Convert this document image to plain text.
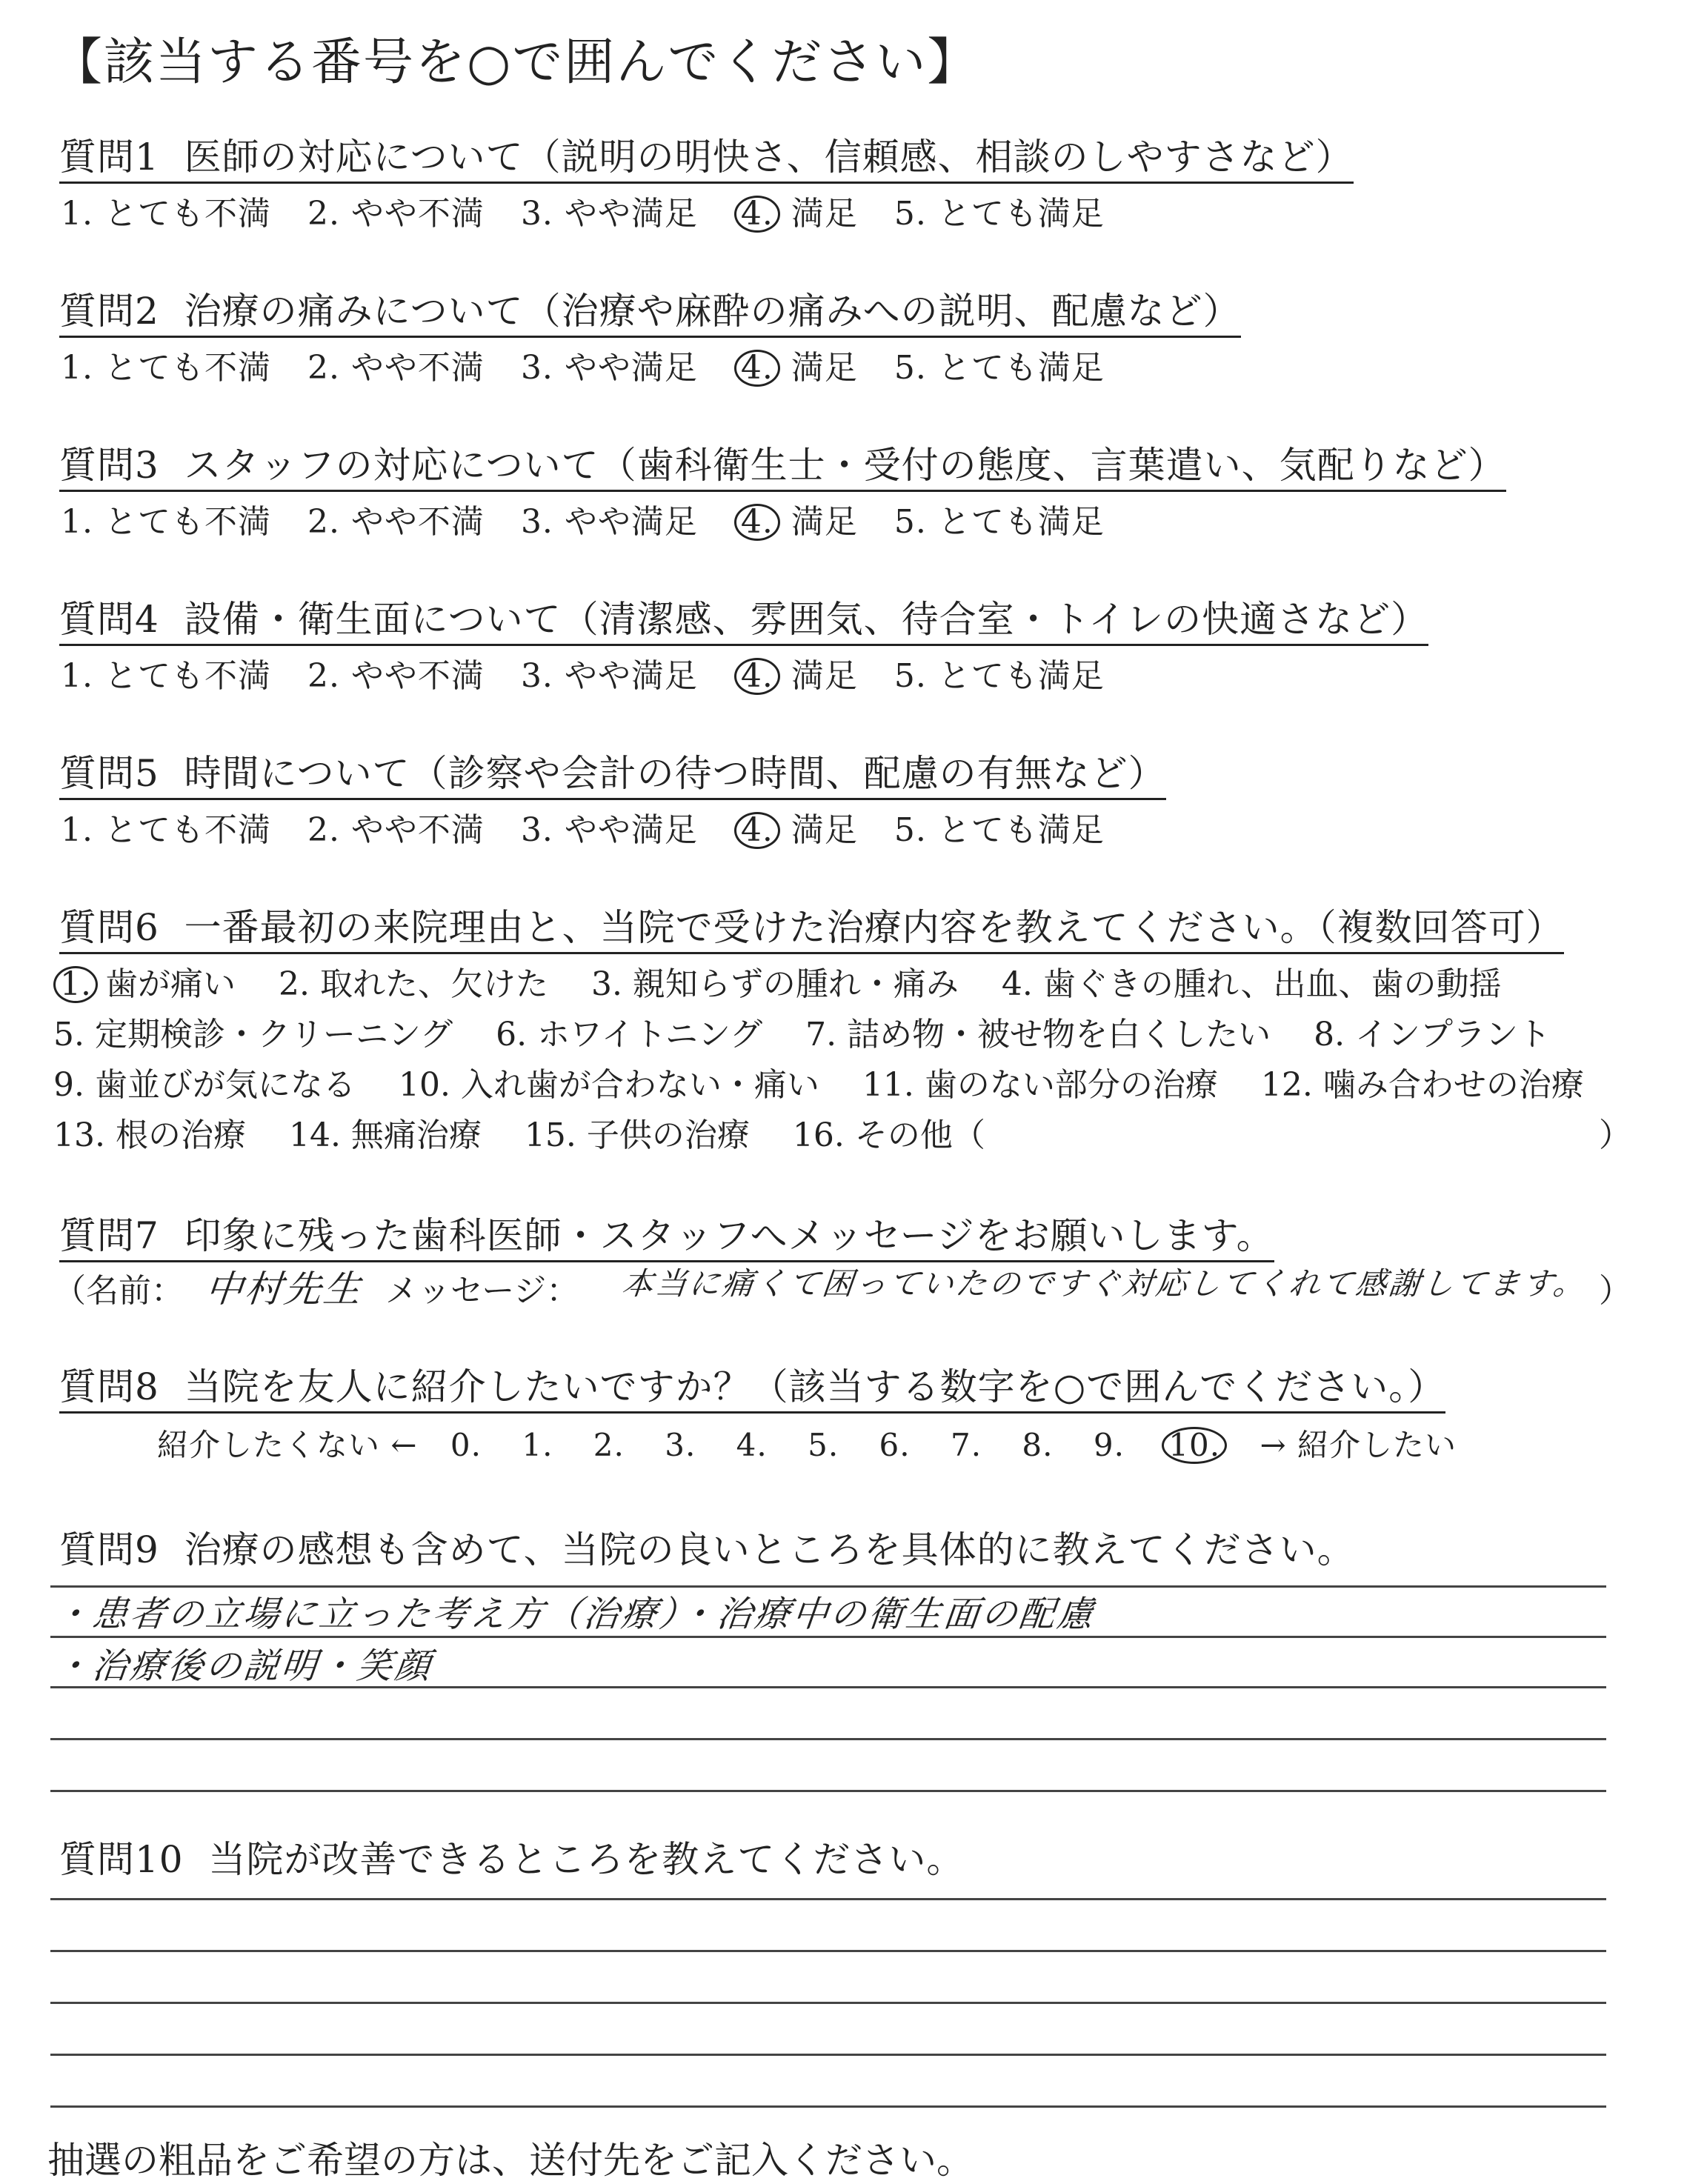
【該当する番号を○で囲んでください】
質問1 医師の対応について（説明の明快さ、信頼感、相談のしやすさなど）
1. とても不満 2. やや不満 3. やや満足 4. 満足 5. とても満足
質問2 治療の痛みについて（治療や麻酔の痛みへの説明、配慮など）
1. とても不満 2. やや不満 3. やや満足 4. 満足 5. とても満足
質問3 スタッフの対応について（歯科衛生士・受付の態度、言葉遣い、気配りなど）
1. とても不満 2. やや不満 3. やや満足 4. 満足 5. とても満足
質問4 設備・衛生面について（清潔感、雰囲気、待合室・トイレの快適さなど）
1. とても不満 2. やや不満 3. やや満足 4. 満足 5. とても満足
質問5 時間について（診察や会計の待つ時間、配慮の有無など）
1. とても不満 2. やや不満 3. やや満足 4. 満足 5. とても満足
質問6 一番最初の来院理由と、当院で受けた治療内容を教えてください。（複数回答可）
1. 歯が痛い 2. 取れた、欠けた 3. 親知らずの腫れ・痛み 4. 歯ぐきの腫れ、出血、歯の動揺
5. 定期検診・クリーニング 6. ホワイトニング 7. 詰め物・被せ物を白くしたい 8. インプラント
9. 歯並びが気になる 10. 入れ歯が合わない・痛い 11. 歯のない部分の治療 12. 噛み合わせの治療
13. 根の治療 14. 無痛治療 15. 子供の治療 16. その他（	）
質問7 印象に残った歯科医師・スタッフへメッセージをお願いします。
（名前： 中村先生 メッセージ： 本当に痛くて困っていたのですぐ対応してくれて感謝してます。 ）
質問8 当院を友人に紹介したいですか？（該当する数字を○で囲んでください。）
紹介したくない ← 0. 1. 2. 3. 4. 5. 6. 7. 8. 9. 10. → 紹介したい
質問9 治療の感想も含めて、当院の良いところを具体的に教えてください。
・患者の立場に立った考え方（治療）・治療中の衛生面の配慮
・治療後の説明・笑顔
質問10 当院が改善できるところを教えてください。
抽選の粗品をご希望の方は、送付先をご記入ください。
